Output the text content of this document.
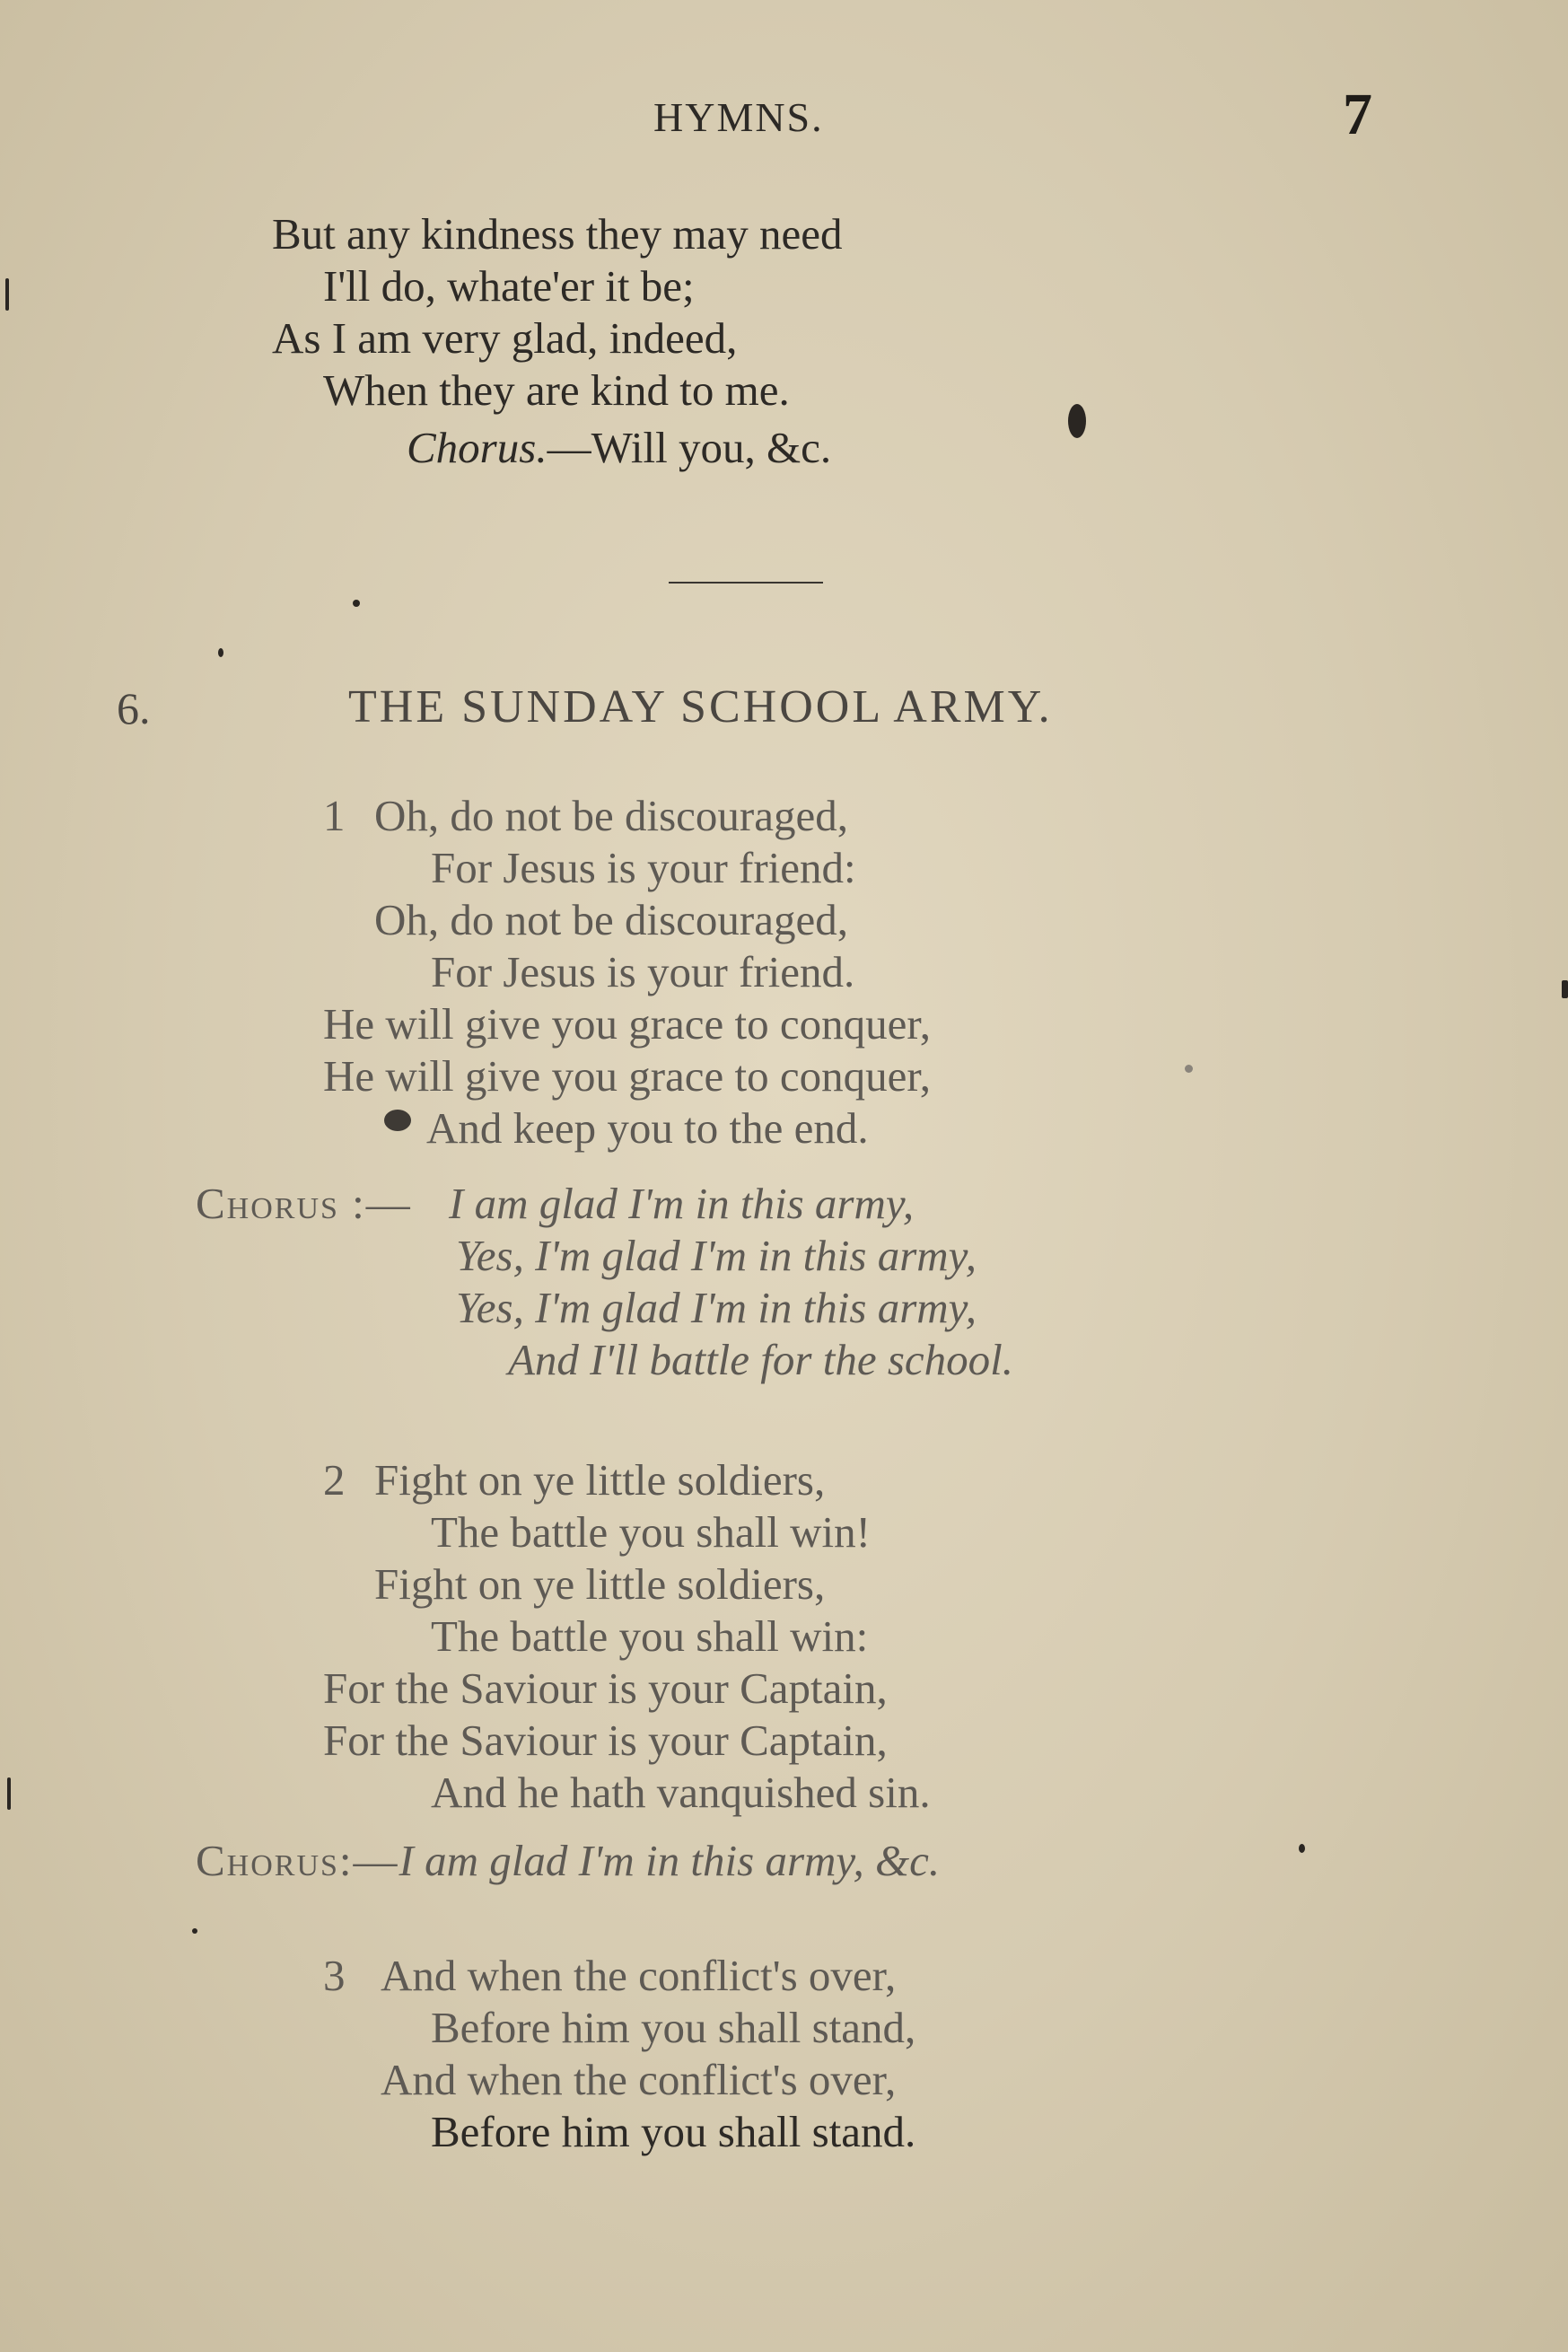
HYMNS.	7
But any kindness they may need
I'll do, whate'er it be;
As I am very glad, indeed,
When they are kind to me.
Chorus.—Will you, &c.
6.	THE SUNDAY SCHOOL ARMY.
1 Oh, do not be discouraged,
For Jesus is your friend:
Oh, do not be discouraged,
For Jesus is your friend.
He will give you grace to conquer,
He will give you grace to conquer,
And keep you to the end.
Chorus :— I am glad I'm in this army,
Yes, I'm glad I'm in this army,
Yes, I'm glad I'm in this army,
And I'll battle for the school.
2 Fight on ye little soldiers,
The battle you shall win!
Fight on ye little soldiers,
The battle you shall win:
For the Saviour is your Captain,
For the Saviour is your Captain,
And he hath vanquished sin.
Chorus:—I am glad I'm in this army, &c.
3 And when the conflict's over,
Before him you shall stand,
And when the conflict's over,
Before him you shall stand.
